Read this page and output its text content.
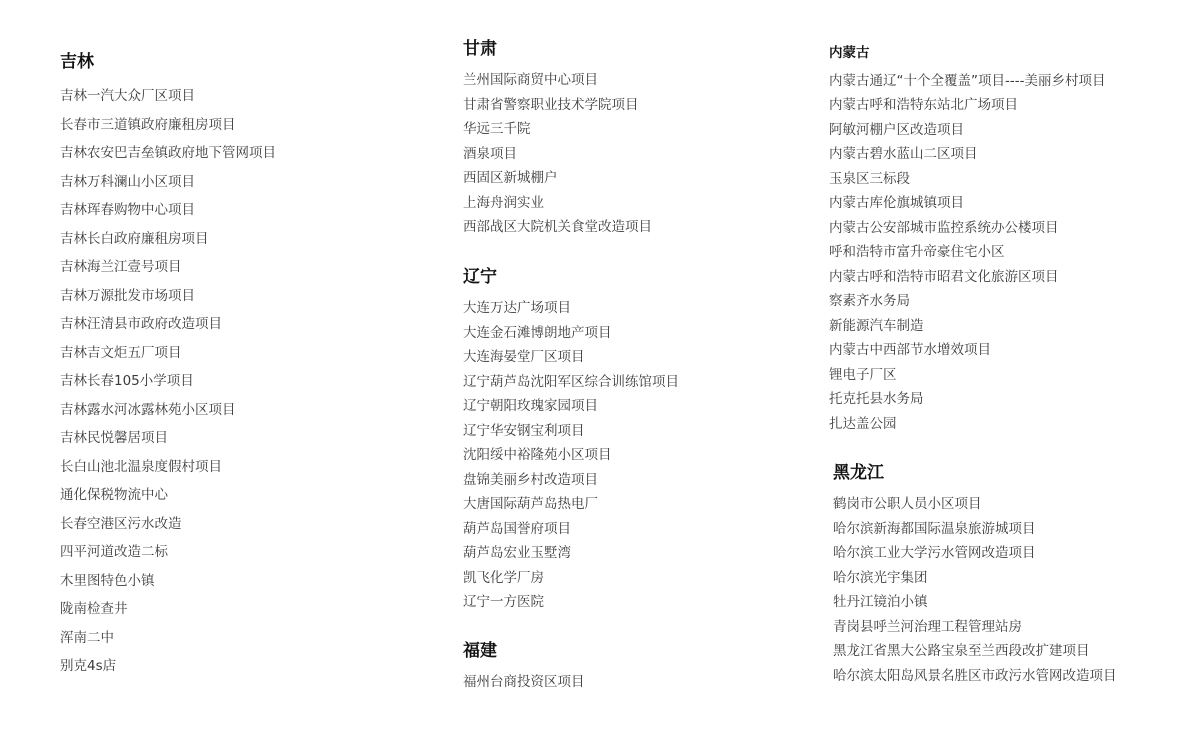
吉林
吉林一汽大众厂区项目
长春市三道镇政府廉租房项目
吉林农安巴吉垒镇政府地下管网项目
吉林万科澜山小区项目
吉林珲春购物中心项目
吉林长白政府廉租房项目
吉林海兰江壹号项目
吉林万源批发市场项目
吉林汪清县市政府改造项目
吉林吉文炬五厂项目
吉林长春105小学项目
吉林露水河冰露林苑小区项目
吉林民悦馨居项目
长白山池北温泉度假村项目
通化保税物流中心
长春空港区污水改造
四平河道改造二标
木里图特色小镇
陇南检查井
浑南二中
别克4s店
甘肃
兰州国际商贸中心项目
甘肃省警察职业技术学院项目
华远三千院
酒泉项目
西固区新城棚户
上海舟润实业
西部战区大院机关食堂改造项目
辽宁
大连万达广场项目
大连金石滩博朗地产项目
大连海晏堂厂区项目
辽宁葫芦岛沈阳军区综合训练馆项目
辽宁朝阳玫瑰家园项目
辽宁华安钢宝利项目
沈阳绥中裕隆苑小区项目
盘锦美丽乡村改造项目
大唐国际葫芦岛热电厂
葫芦岛国誉府项目
葫芦岛宏业玉墅湾
凯飞化学厂房
辽宁一方医院
福建
福州台商投资区项目
内蒙古
内蒙古通辽“十个全覆盖”项目----美丽乡村项目
内蒙古呼和浩特东站北广场项目
阿敏河棚户区改造项目
内蒙古碧水蓝山二区项目
玉泉区三标段
内蒙古库伦旗城镇项目
内蒙古公安部城市监控系统办公楼项目
呼和浩特市富升帝豪住宅小区
内蒙古呼和浩特市昭君文化旅游区项目
察素齐水务局
新能源汽车制造
内蒙古中西部节水增效项目
锂电子厂区
托克托县水务局
扎达盖公园
黑龙江
鹤岗市公职人员小区项目
哈尔滨新海都国际温泉旅游城项目
哈尔滨工业大学污水管网改造项目
哈尔滨光宇集团
牡丹江镜泊小镇
青岗县呼兰河治理工程管理站房
黑龙江省黑大公路宝泉至兰西段改扩建项目
哈尔滨太阳岛风景名胜区市政污水管网改造项目
